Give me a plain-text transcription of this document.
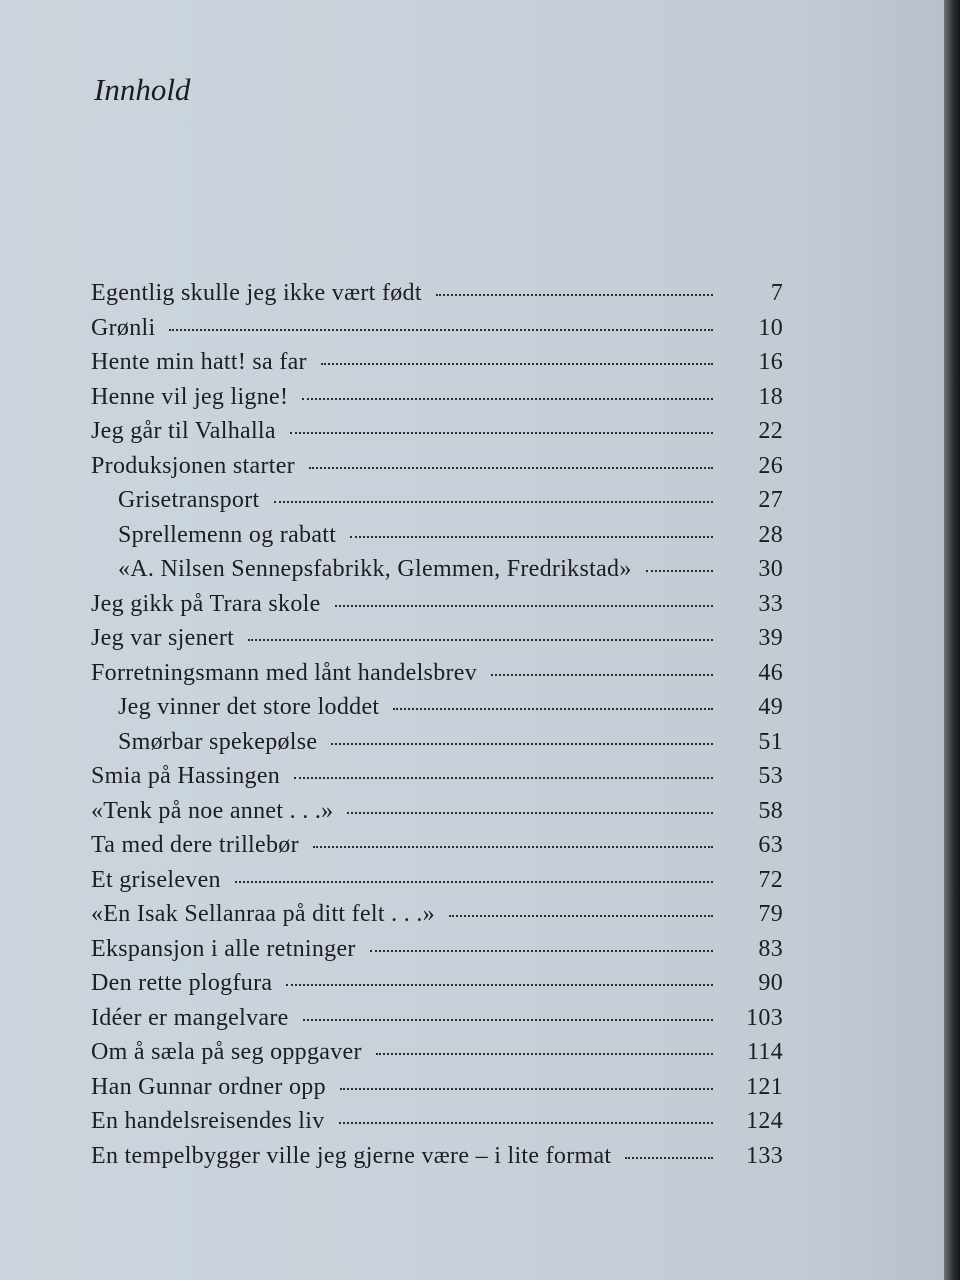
Innhold
Egentlig skulle jeg ikke vært født	7
Grønli	10
Hente min hatt! sa far	16
Henne vil jeg ligne!	18
Jeg går til Valhalla	22
Produksjonen starter	26
Grisetransport	27
Sprellemenn og rabatt	28
«A. Nilsen Sennepsfabrikk, Glemmen, Fredrikstad»	30
Jeg gikk på Trara skole	33
Jeg var sjenert	39
Forretningsmann med lånt handelsbrev	46
Jeg vinner det store loddet	49
Smørbar spekepølse	51
Smia på Hassingen	53
«Tenk på noe annet . . .»	58
Ta med dere trillebør	63
Et griseleven	72
«En Isak Sellanraa på ditt felt . . .»	79
Ekspansjon i alle retninger	83
Den rette plogfura	90
Idéer er mangelvare	103
Om å sæla på seg oppgaver	114
Han Gunnar ordner opp	121
En handelsreisendes liv	124
En tempelbygger ville jeg gjerne være – i lite format	133
